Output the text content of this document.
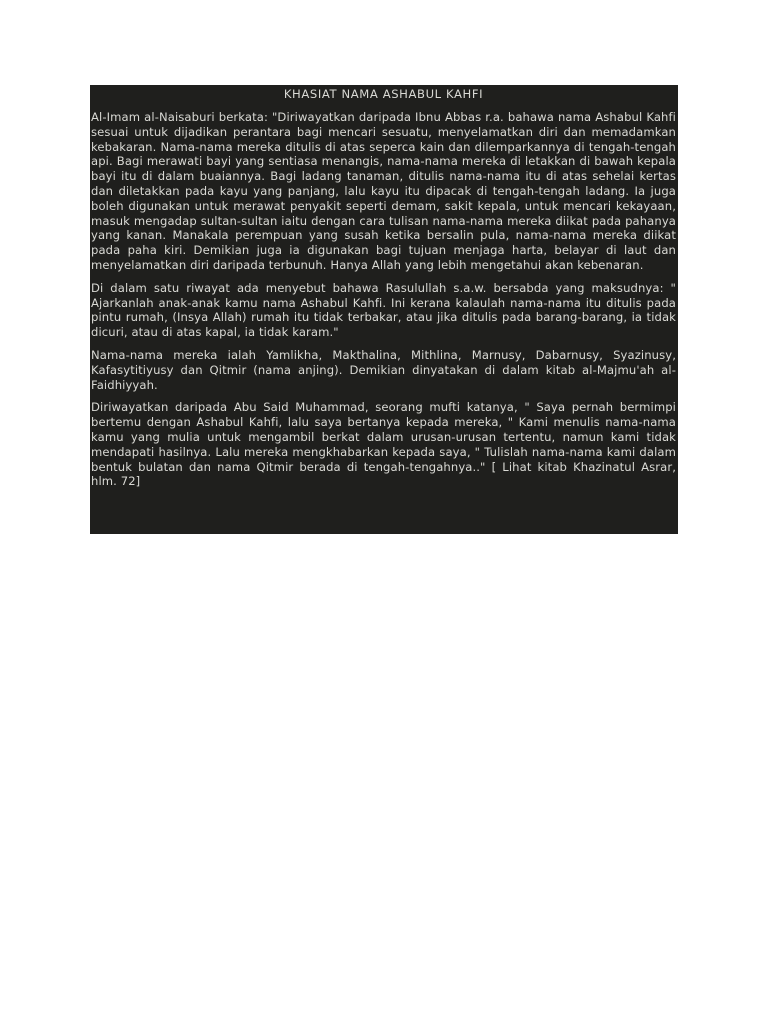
KHASIAT NAMA ASHABUL KAHFI

Al-Imam al-Naisaburi berkata: "Diriwayatkan daripada Ibnu Abbas r.a. bahawa nama Ashabul Kahfi sesuai untuk dijadikan perantara bagi mencari sesuatu, menyelamatkan diri dan memadamkan kebakaran. Nama-nama mereka ditulis di atas seperca kain dan dilemparkannya di tengah-tengah api. Bagi merawati bayi yang sentiasa menangis, nama-nama mereka di letakkan di bawah kepala bayi itu di dalam buaiannya. Bagi ladang tanaman, ditulis nama-nama itu di atas sehelai kertas dan diletakkan pada kayu yang panjang, lalu kayu itu dipacak di tengah-tengah ladang. Ia juga boleh digunakan untuk merawat penyakit seperti demam, sakit kepala, untuk mencari kekayaan, masuk mengadap sultan-sultan iaitu dengan cara tulisan nama-nama mereka diikat pada pahanya yang kanan. Manakala perempuan yang susah ketika bersalin pula, nama-nama mereka diikat pada paha kiri. Demikian juga ia digunakan bagi tujuan menjaga harta, belayar di laut dan menyelamatkan diri daripada terbunuh. Hanya Allah yang lebih mengetahui akan kebenaran.

Di dalam satu riwayat ada menyebut bahawa Rasulullah s.a.w. bersabda yang maksudnya: " Ajarkanlah anak-anak kamu nama Ashabul Kahfi. Ini kerana kalaulah nama-nama itu ditulis pada pintu rumah, (Insya Allah) rumah itu tidak terbakar, atau jika ditulis pada barang-barang, ia tidak dicuri, atau di atas kapal, ia tidak karam."

Nama-nama mereka ialah Yamlikha, Makthalina, Mithlina, Marnusy, Dabarnusy, Syazinusy, Kafasytitiyusy dan Qitmir (nama anjing). Demikian dinyatakan di dalam kitab al-Majmu'ah al-Faidhiyyah.

Diriwayatkan daripada Abu Said Muhammad, seorang mufti katanya, " Saya pernah bermimpi bertemu dengan Ashabul Kahfi, lalu saya bertanya kepada mereka, " Kami menulis nama-nama kamu yang mulia untuk mengambil berkat dalam urusan-urusan tertentu, namun kami tidak mendapati hasilnya. Lalu mereka mengkhabarkan kepada saya, " Tulislah nama-nama kami dalam bentuk bulatan dan nama Qitmir berada di tengah-tengahnya.." [ Lihat kitab Khazinatul Asrar, hlm. 72]
